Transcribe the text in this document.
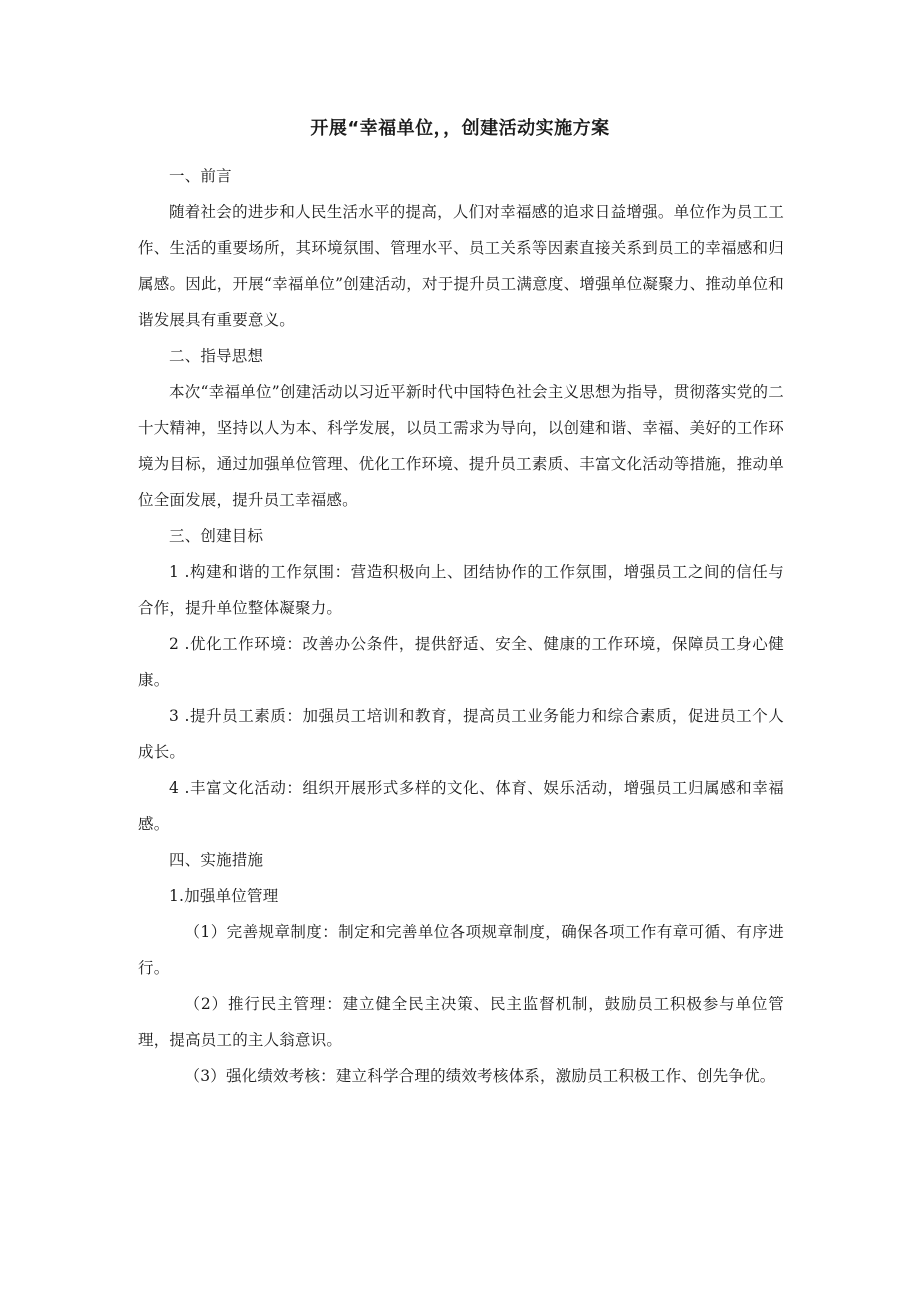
开展“幸福单位，，创建活动实施方案

一、前言

随着社会的进步和人民生活水平的提高，人们对幸福感的追求日益增强。单位作为员工工作、生活的重要场所，其环境氛围、管理水平、员工关系等因素直接关系到员工的幸福感和归属感。因此，开展“幸福单位”创建活动，对于提升员工满意度、增强单位凝聚力、推动单位和谐发展具有重要意义。

二、指导思想

本次“幸福单位”创建活动以习近平新时代中国特色社会主义思想为指导，贯彻落实党的二十大精神，坚持以人为本、科学发展，以员工需求为导向，以创建和谐、幸福、美好的工作环境为目标，通过加强单位管理、优化工作环境、提升员工素质、丰富文化活动等措施，推动单位全面发展，提升员工幸福感。

三、创建目标

1 .构建和谐的工作氛围：营造积极向上、团结协作的工作氛围，增强员工之间的信任与合作，提升单位整体凝聚力。

2 .优化工作环境：改善办公条件，提供舒适、安全、健康的工作环境，保障员工身心健康。

3 .提升员工素质：加强员工培训和教育，提高员工业务能力和综合素质，促进员工个人成长。

4 .丰富文化活动：组织开展形式多样的文化、体育、娱乐活动，增强员工归属感和幸福感。

四、实施措施

1.加强单位管理

（1）完善规章制度：制定和完善单位各项规章制度，确保各项工作有章可循、有序进行。

（2）推行民主管理：建立健全民主决策、民主监督机制，鼓励员工积极参与单位管理，提高员工的主人翁意识。

（3）强化绩效考核：建立科学合理的绩效考核体系，激励员工积极工作、创先争优。
